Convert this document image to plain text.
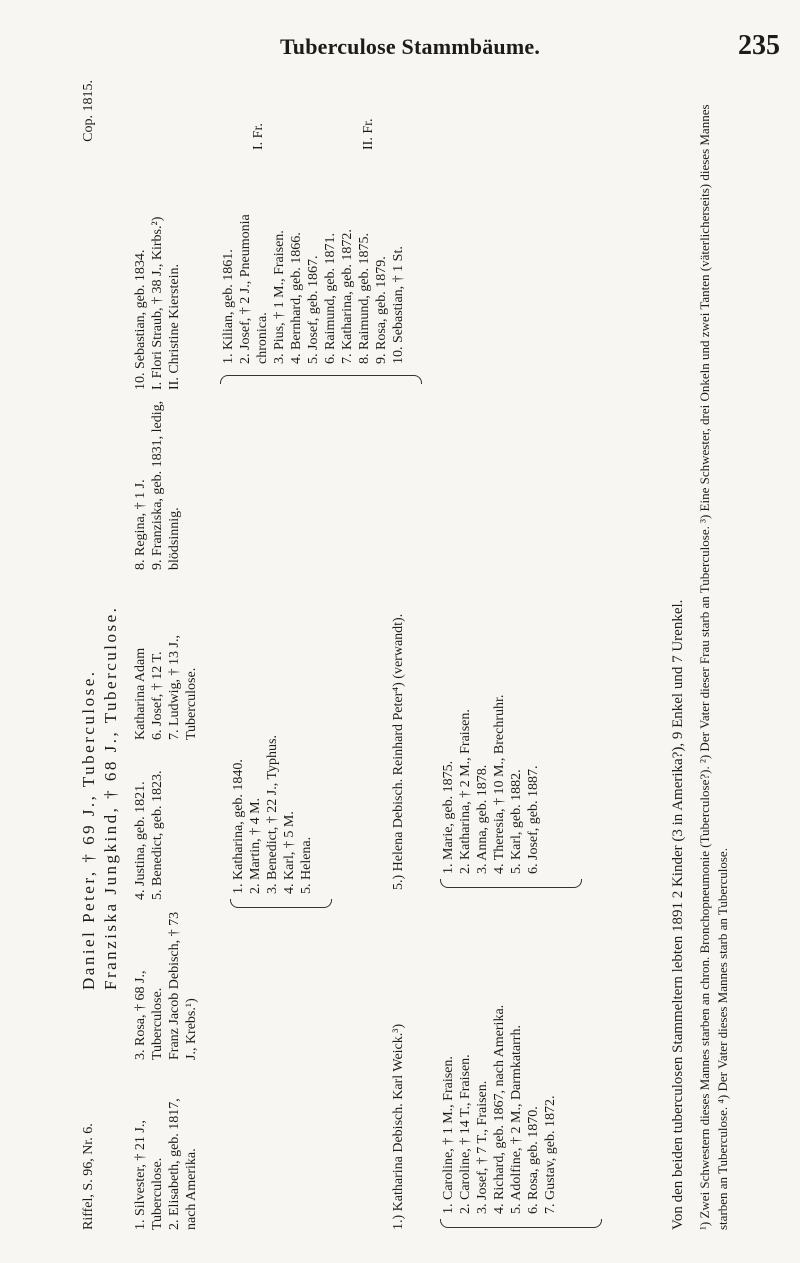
Tuberculose Stammbäume.	235
Riffel, S. 96, Nr. 6.
Daniel Peter, † 69 J., Tuberculose. Franziska Jungkind, † 68 J., Tuberculose.
Cop. 1815.
1. Silvester, † 21 J., Tuberculose. 2. Elisabeth, geb. 1817, nach Amerika.
3. Rosa, † 68 J., Tuberculose. Franz Jacob Debisch, † 73 J., Krebs.¹)
4. Justina, geb. 1821. 5. Benedict, geb. 1823.
Katharina Adam 6. Josef, † 12 T. 7. Ludwig, † 13 J., Tuberculose.
8. Regina, † 1 J. 9. Franziska, geb. 1831, ledig, blödsinnig.
10. Sebastian, geb. 1834. I. Flori Straub, † 38 J., Kirbs.²) II. Christine Kierstein.
1. Katharina, geb. 1840. 2. Martin, † 4 M. 3. Benedict, † 22 J., Typhus. 4. Karl, † 5 M. 5. Helena.
1. Kilian, geb. 1861. 2. Josef, † 2 J., Pneumonia chronica. 3. Pius, † 1 M., Fraisen. 4. Bernhard, geb. 1866. 5. Josef, geb. 1867. 6. Raimund, geb. 1871. 7. Katharina, geb. 1872. 8. Raimund, geb. 1875. 9. Rosa, geb. 1879. 10. Sebastian, † 1 St.
I. Fr.	II. Fr.
1.) Katharina Debisch. Karl Weick.³)
5.) Helena Debisch. Reinhard Peter⁴) (verwandt).
1. Caroline, † 1 M., Fraisen. 2. Caroline, † 14 T., Fraisen. 3. Josef, † 7 T., Fraisen. 4. Richard, geb. 1867, nach Amerika. 5. Adolfine, † 2 M., Darmkatarrh. 6. Rosa, geb. 1870. 7. Gustav, geb. 1872.
1. Marie, geb. 1875. 2. Katharina, † 2 M., Fraisen. 3. Anna, geb. 1878. 4. Theresia, † 10 M., Brechruhr. 5. Karl, geb. 1882. 6. Josef, geb. 1887.	Von den beiden tuberculosen Stammeltern lebten 1891 2 Kinder (3 in Amerika?), 9 Enkel und 7 Urenkel. ¹) Zwei Schwestern dieses Mannes starben an chron. Bronchopneumonie (Tuberculose?). ²) Der Vater dieser Frau starb an Tuberculose. ³) Eine Schwester, drei Onkeln und zwei Tanten (väterlicherseits) dieses Mannes starben an Tuberculose. ⁴) Der Vater dieses Mannes starb an Tuberculose.
